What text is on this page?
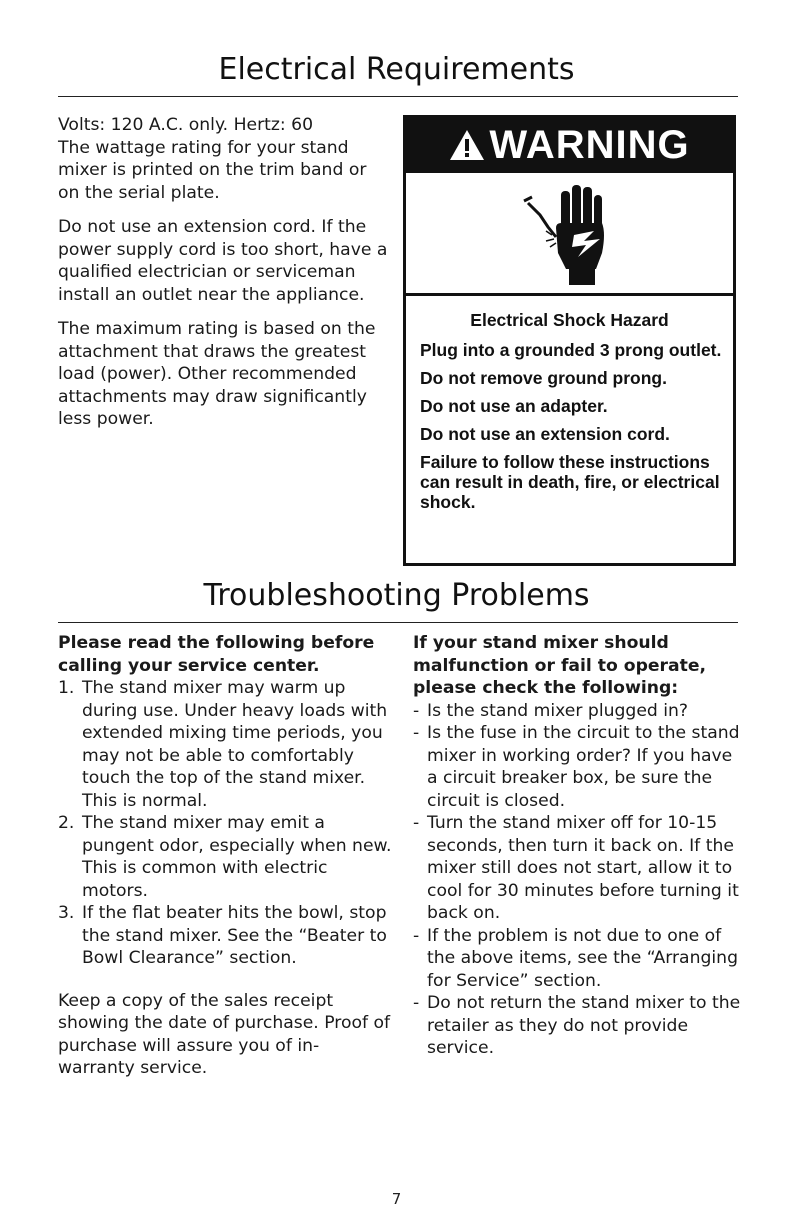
Electrical Requirements

Volts: 120 A.C. only. Hertz: 60
The wattage rating for your stand mixer is printed on the trim band or on the serial plate.

Do not use an extension cord. If the power supply cord is too short, have a qualified electrician or serviceman install an outlet near the appliance.

The maximum rating is based on the attachment that draws the greatest load (power). Other recommended attachments may draw significantly less power.

WARNING
Electrical Shock Hazard
Plug into a grounded 3 prong outlet.
Do not remove ground prong.
Do not use an adapter.
Do not use an extension cord.
Failure to follow these instructions can result in death, fire, or electrical shock.
Troubleshooting Problems

Please read the following before calling your service center.

1. The stand mixer may warm up during use. Under heavy loads with extended mixing time periods, you may not be able to comfortably touch the top of the stand mixer. This is normal.
2. The stand mixer may emit a pungent odor, especially when new. This is common with electric motors.
3. If the flat beater hits the bowl, stop the stand mixer. See the “Beater to Bowl Clearance” section.

Keep a copy of the sales receipt showing the date of purchase. Proof of purchase will assure you of in-warranty service.

If your stand mixer should malfunction or fail to operate, please check the following:

- Is the stand mixer plugged in?
- Is the fuse in the circuit to the stand mixer in working order? If you have a circuit breaker box, be sure the circuit is closed.
- Turn the stand mixer off for 10-15 seconds, then turn it back on. If the mixer still does not start, allow it to cool for 30 minutes before turning it back on.
- If the problem is not due to one of the above items, see the “Arranging for Service” section.
- Do not return the stand mixer to the retailer as they do not provide service.
7
